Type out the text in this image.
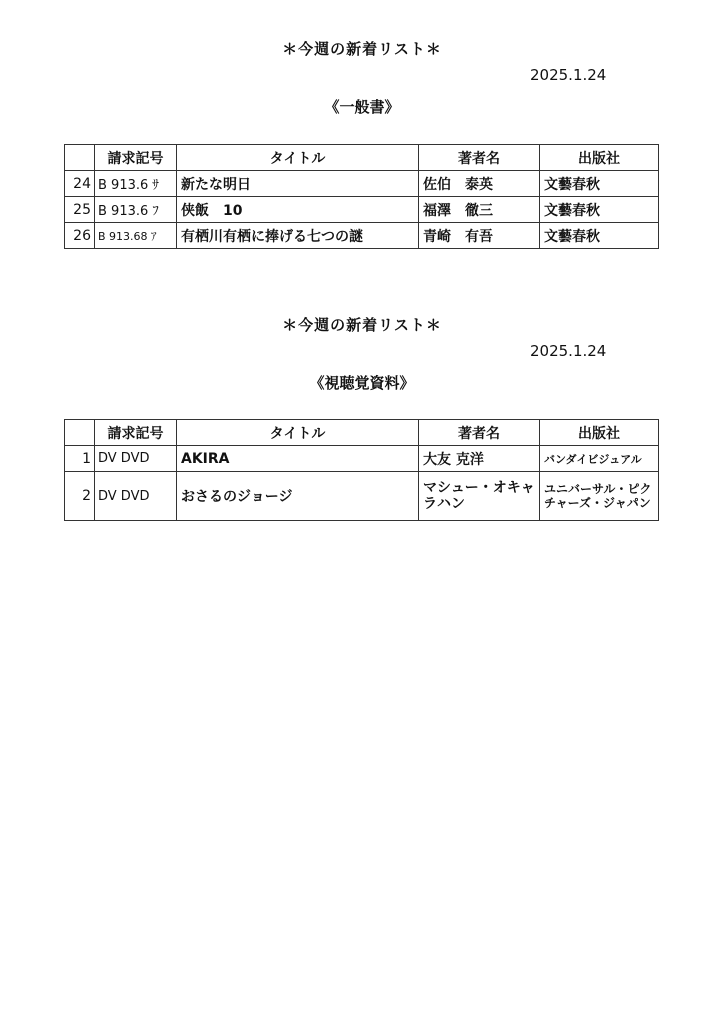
＊今週の新着リスト＊
2025.1.24
《一般書》
	請求記号	タイトル	著者名	出版社
24	B 913.6 ｻ	新たな明日	佐伯　泰英	文藝春秋
25	B 913.6 ﾌ	侠飯　10	福澤　徹三	文藝春秋
26	B 913.68 ｱ	有栖川有栖に捧げる七つの謎	青崎　有吾	文藝春秋
＊今週の新着リスト＊
2025.1.24
《視聴覚資料》
	請求記号	タイトル	著者名	出版社
1	DV DVD	AKIRA	大友 克洋	バンダイビジュアル
2	DV DVD	おさるのジョージ	マシュー・オキャラハン	ユニバーサル・ピクチャーズ・ジャパン
